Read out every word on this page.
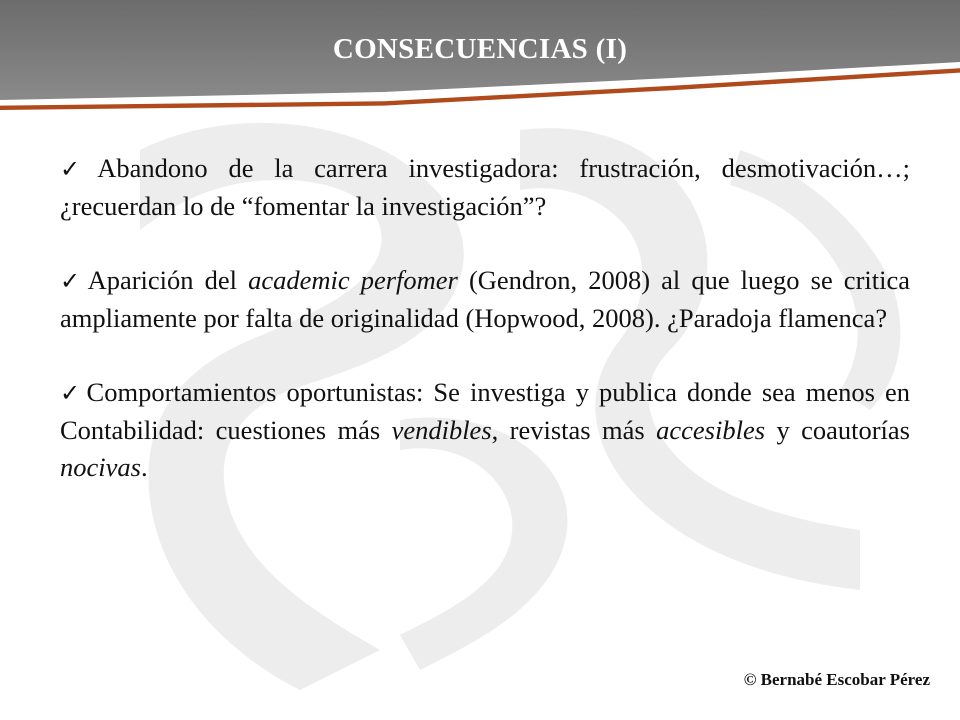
CONSECUENCIAS (I)

✓ Abandono de la carrera investigadora: frustración, desmotivación…; ¿recuerdan lo de “fomentar la investigación”?

✓ Aparición del academic perfomer (Gendron, 2008) al que luego se critica ampliamente por falta de originalidad (Hopwood, 2008). ¿Paradoja flamenca?

✓ Comportamientos oportunistas: Se investiga y publica donde sea menos en Contabilidad: cuestiones más vendibles, revistas más accesibles y coautorías nocivas.

© Bernabé Escobar Pérez
